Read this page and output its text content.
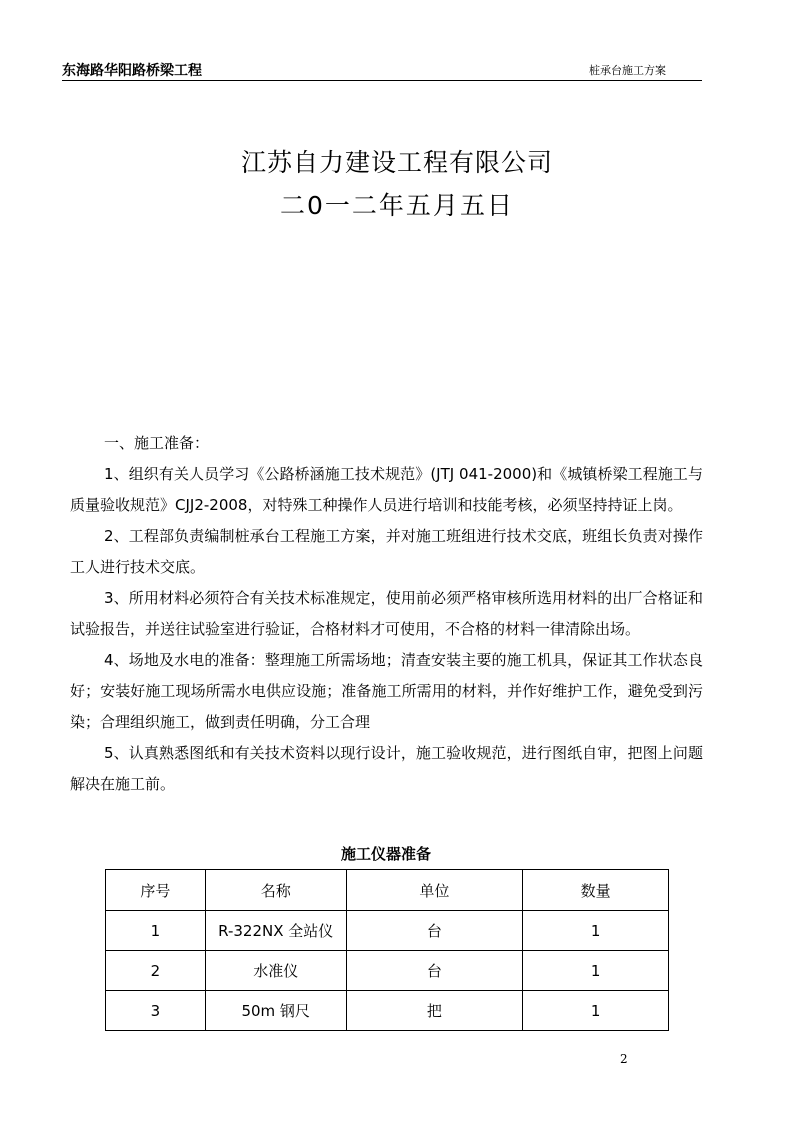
东海路华阳路桥梁工程	桩承台施工方案
江苏自力建设工程有限公司
二0一二年五月五日

一、施工准备：

1、组织有关人员学习《公路桥涵施工技术规范》(JTJ 041-2000)和《城镇桥梁工程施工与质量验收规范》CJJ2-2008，对特殊工种操作人员进行培训和技能考核，必须坚持持证上岗。

2、工程部负责编制桩承台工程施工方案，并对施工班组进行技术交底，班组长负责对操作工人进行技术交底。

3、所用材料必须符合有关技术标准规定，使用前必须严格审核所选用材料的出厂合格证和试验报告，并送往试验室进行验证，合格材料才可使用，不合格的材料一律清除出场。

4、场地及水电的准备：整理施工所需场地；清查安装主要的施工机具，保证其工作状态良好；安装好施工现场所需水电供应设施；准备施工所需用的材料，并作好维护工作，避免受到污染；合理组织施工，做到责任明确，分工合理

5、认真熟悉图纸和有关技术资料以现行设计，施工验收规范，进行图纸自审，把图上问题解决在施工前。

施工仪器准备
序号	名称	单位	数量
1	R-322NX 全站仪	台	1
2	水准仪	台	1
3	50m 钢尺	把	1
2
